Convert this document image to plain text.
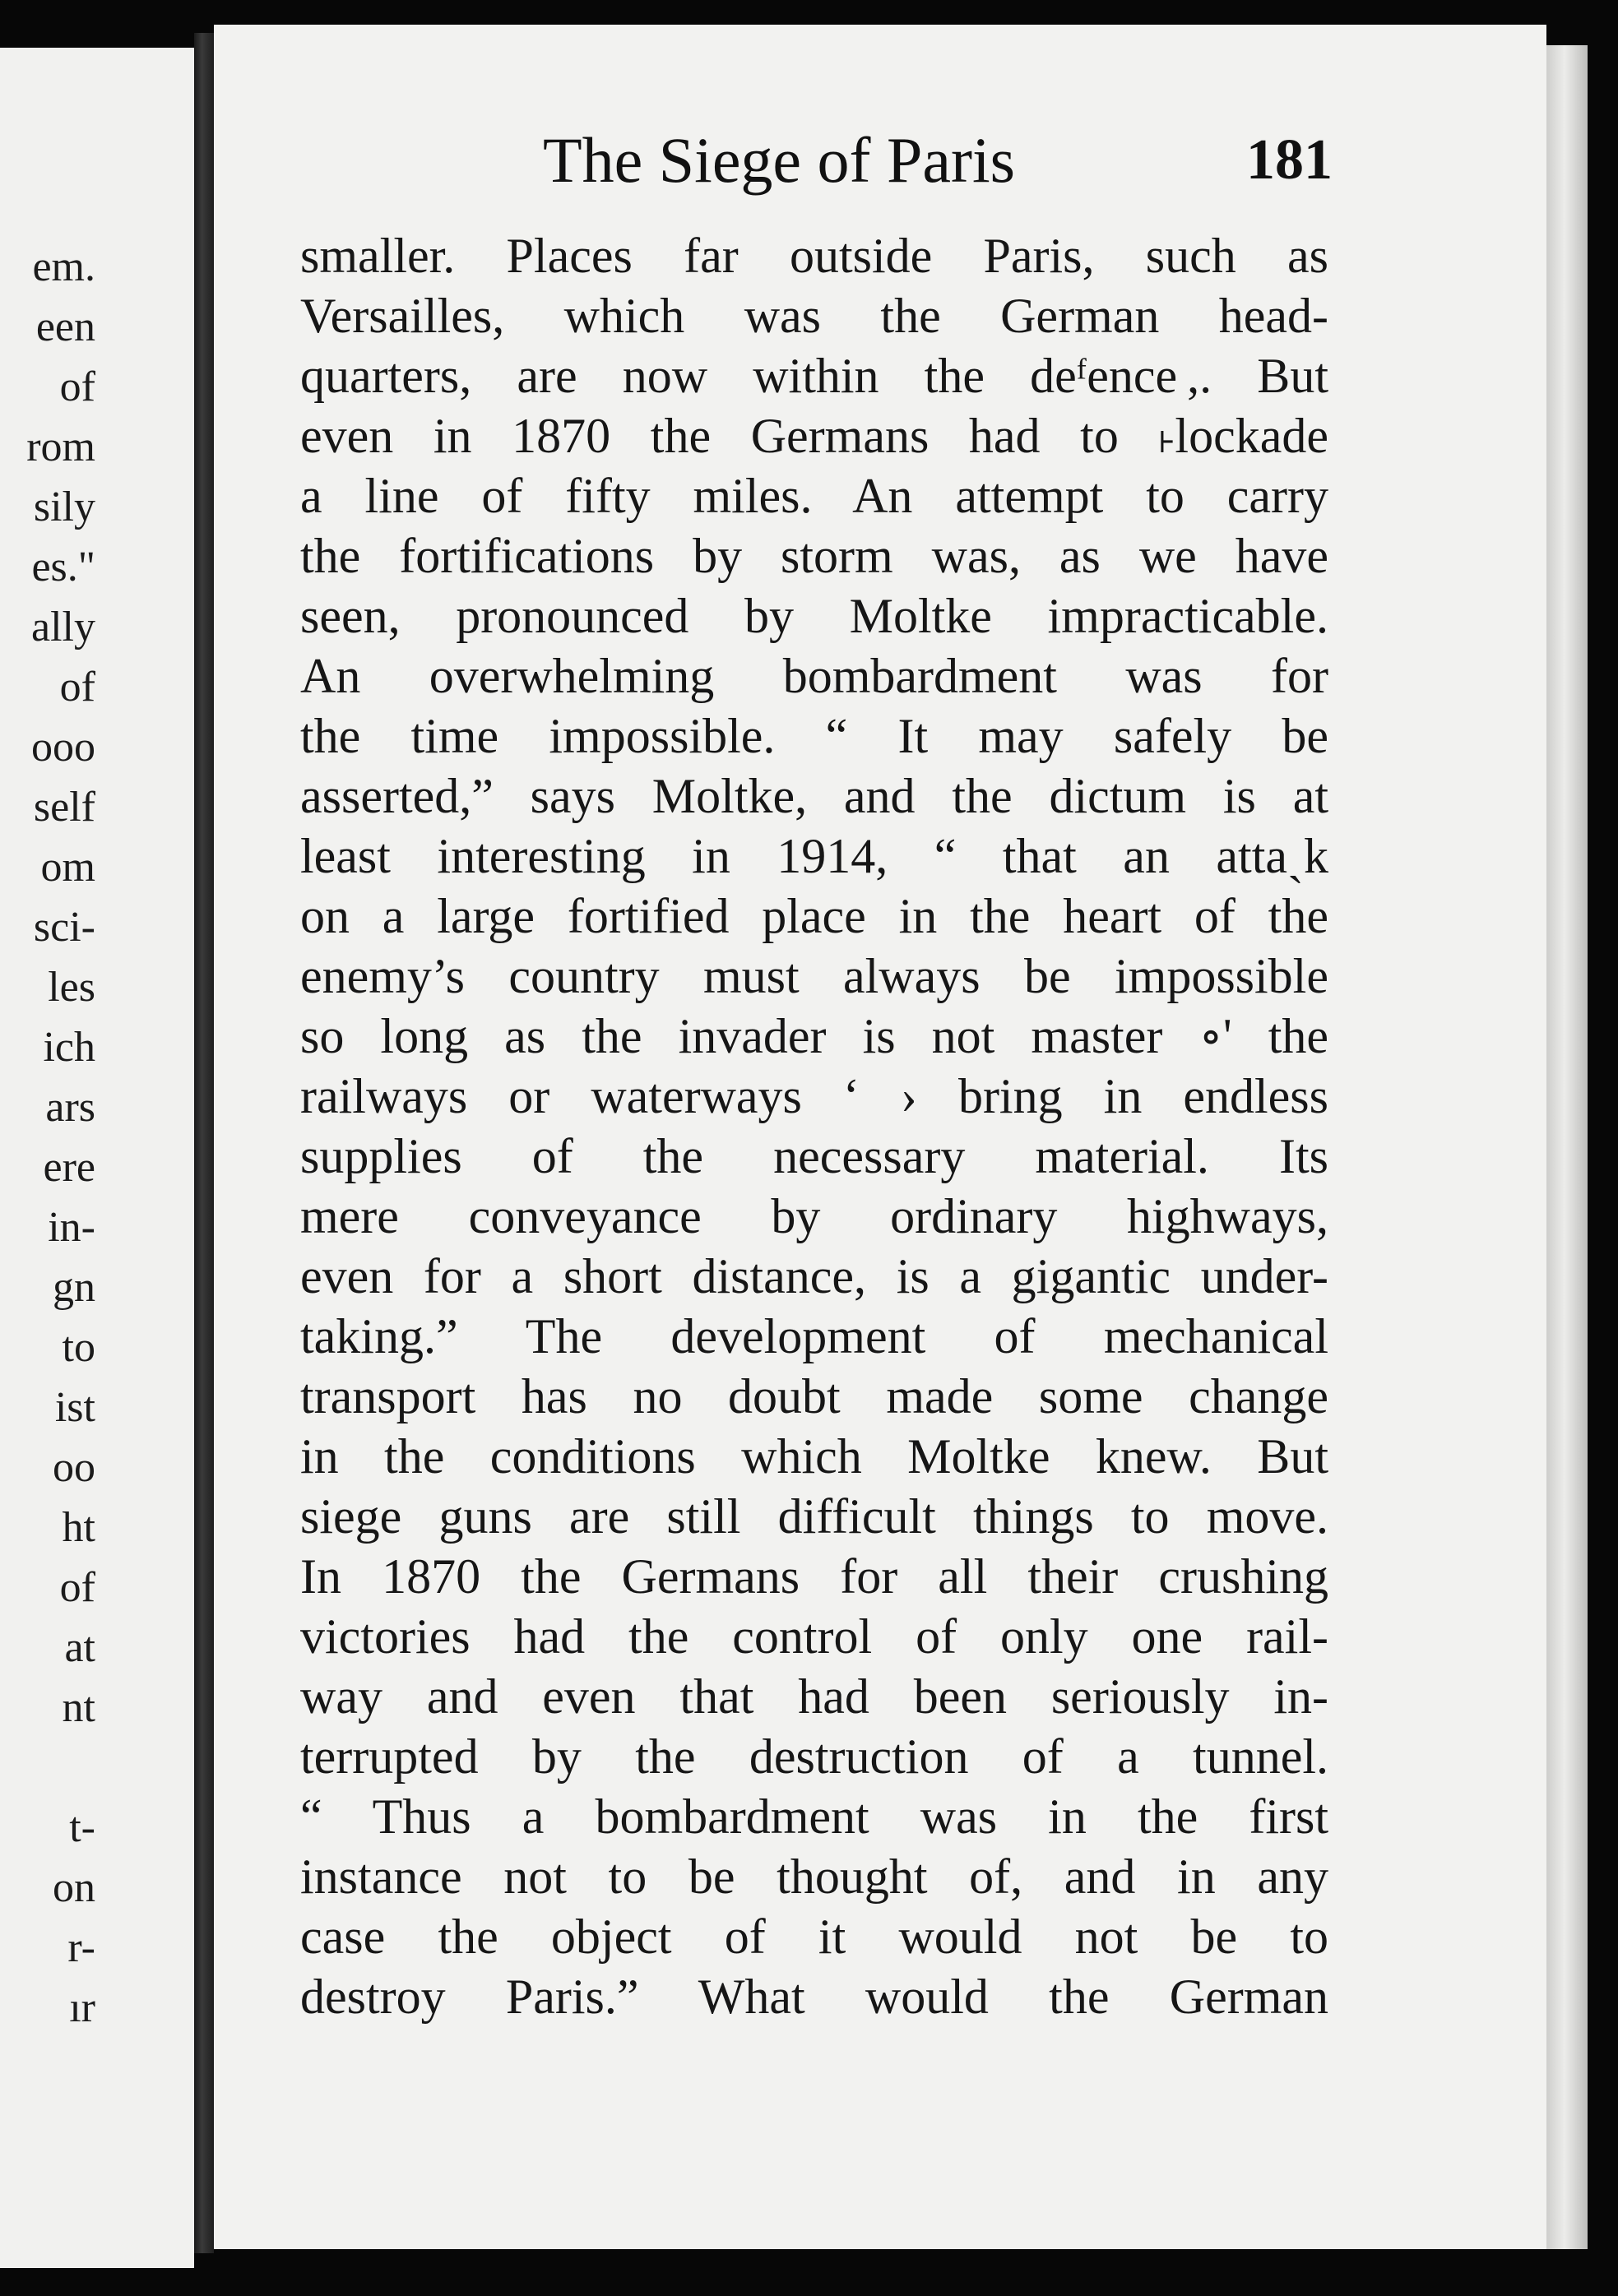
em.
een
of
rom
sily
es."
ally
of
ooo
self
om
sci-
les
ich
ars
ere
in-
gn
to
ist
oo
ht
of
at
nt
t-
on
r-
ır
The Siege of Paris	181
smaller. Places far outside Paris, such as
Versailles, which was the German head-
quarters, are now within the deᶠence ,. But
even in 1870 the Germans had to ˫lockade
a line of fifty miles. An attempt to carry
the fortifications by storm was, as we have
seen, pronounced by Moltke impracticable.
An overwhelming bombardment was for
the time impossible. “ It may safely be
asserted,” says Moltke, and the dictum is at
least interesting in 1914, “ that an attaˏk
on a large fortified place in the heart of the
enemy’s country must always be impossible
so long as the invader is not master ∘' the
railways or waterways ‘ › bring in endless
supplies of the necessary material. Its
mere conveyance by ordinary highways,
even for a short distance, is a gigantic under-
taking.” The development of mechanical
transport has no doubt made some change
in the conditions which Moltke knew. But
siege guns are still difficult things to move.
In 1870 the Germans for all their crushing
victories had the control of only one rail-
way and even that had been seriously in-
terrupted by the destruction of a tunnel.
“ Thus a bombardment was in the first
instance not to be thought of, and in any
case the object of it would not be to
destroy Paris.” What would the German
